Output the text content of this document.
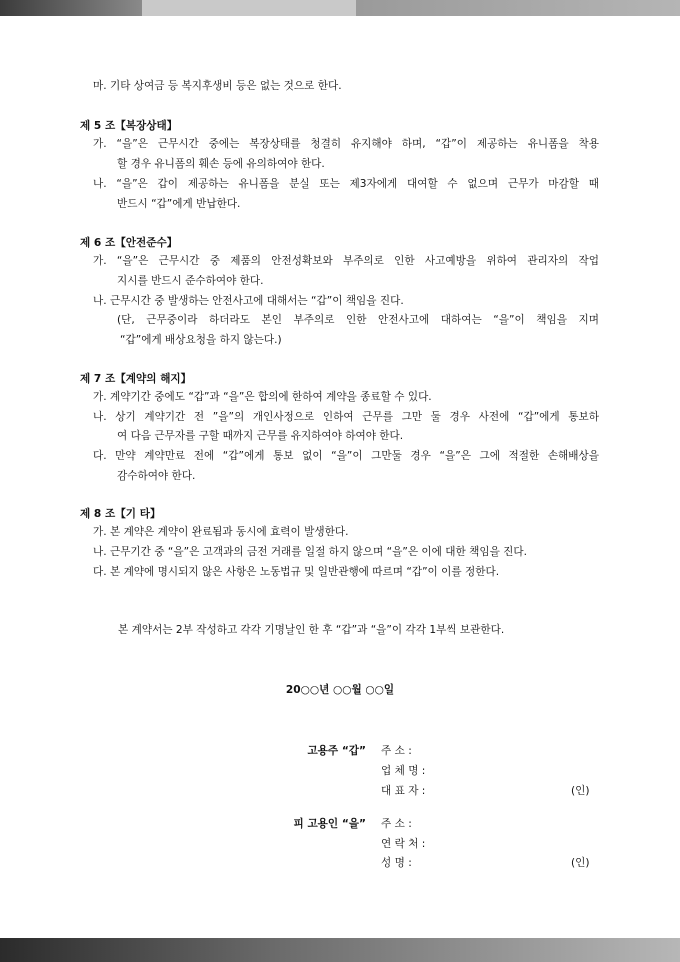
마. 기타 상여금 등 복지후생비 등은 없는 것으로 한다.
제 5 조【복장상태】
가. “을”은 근무시간 중에는 복장상태를 청결히 유지해야 하며, “갑”이 제공하는 유니폼을 착용
할 경우 유니폼의 훼손 등에 유의하여야 한다.
나. “을”은 갑이 제공하는 유니폼을 분실 또는 제3자에게 대여할 수 없으며 근무가 마감할 때
반드시 “갑”에게 반납한다.
제 6 조【안전준수】
가. “을”은 근무시간 중 제품의 안전성확보와 부주의로 인한 사고예방을 위하여 관리자의 작업
지시를 반드시 준수하여야 한다.
나. 근무시간 중 발생하는 안전사고에 대해서는 “갑”이 책임을 진다.
(단, 근무중이라 하더라도 본인 부주의로 인한 안전사고에 대하여는 “을”이 책임을 지며
“갑”에게 배상요청을 하지 않는다.)
제 7 조【계약의 해지】
가. 계약기간 중에도 “갑”과 “을”은 합의에 한하여 계약을 종료할 수 있다.
나. 상기 계약기간 전 ”을”의 개인사정으로 인하여 근무를 그만 둘 경우 사전에 “갑”에게 통보하
여 다음 근무자를 구할 때까지 근무를 유지하여야 하여야 한다.
다. 만약 계약만료 전에 “갑”에게 통보 없이 “을”이 그만둘 경우 “을”은 그에 적절한 손해배상을
감수하여야 한다.
제 8 조【기 타】
가. 본 계약은 계약이 완료됨과 동시에 효력이 발생한다.
나. 근무기간 중 “을”은 고객과의 금전 거래를 일절 하지 않으며 “을”은 이에 대한 책임을 진다.
다. 본 계약에 명시되지 않은 사항은 노동법규 및 일반관행에 따르며 “갑”이 이를 정한다.
본 계약서는 2부 작성하고 각각 기명날인 한 후 “갑”과 “을”이 각각 1부씩 보관한다.
20○○년 ○○월 ○○일
고용주 “갑” 주 소 :
업 체 명 :
대 표 자 :	(인)
피 고용인 “을” 주 소 :
연 락 처 :
성 명 :	(인)
